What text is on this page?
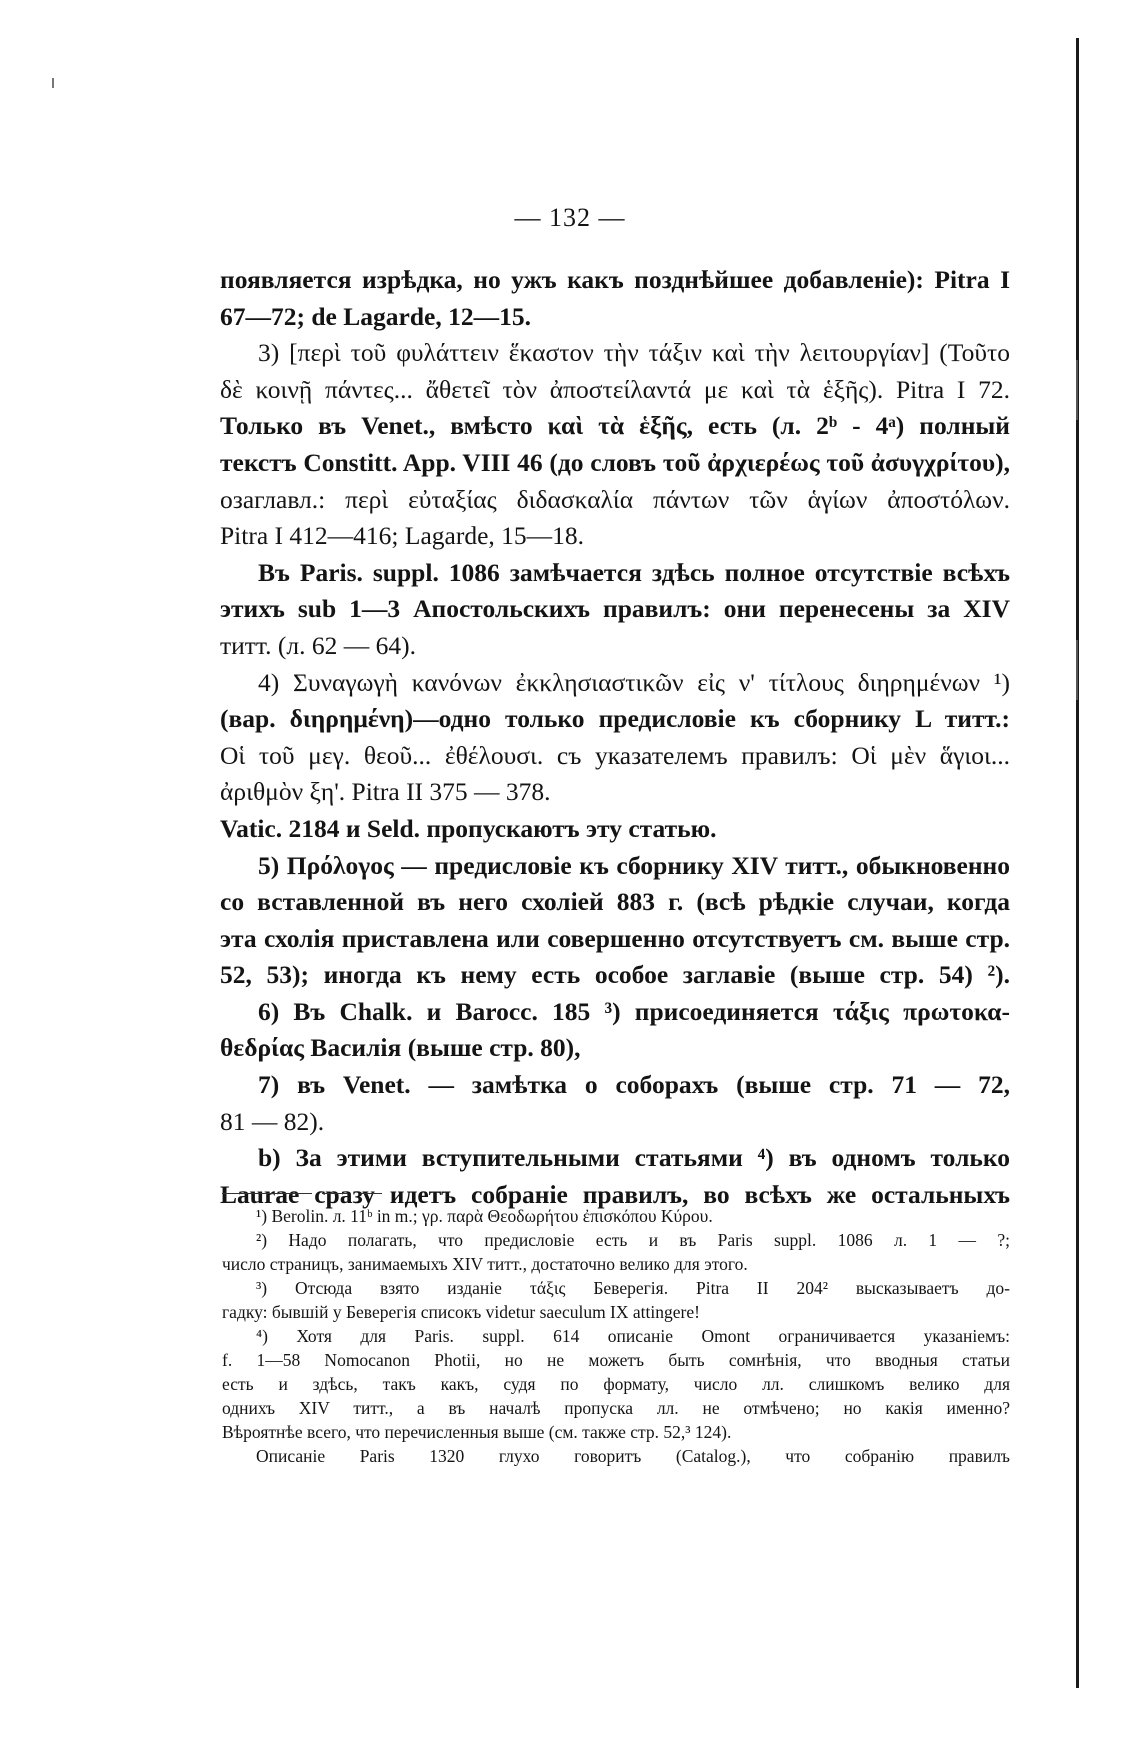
— 132 —
появляется изрѣдка, но ужъ какъ позднѣйшее добавленіе): Pitra I
67—72; de Lagarde, 12—15.
3) [περὶ τοῦ φυλάττειν ἕκαστον τὴν τάξιν καὶ τὴν λειτουργίαν] (Τοῦτο
δὲ κοινῇ πάντες... ἄθετεῖ τὸν ἀποστείλαντά με καὶ τὰ ἑξῆς). Pitra I 72.
Только въ Venet., вмѣсто καὶ τὰ ἑξῆς, есть (л. 2ᵇ - 4ᵃ) полный
текстъ Constitt. App. VIII 46 (до словъ τοῦ ἀρχιερέως τοῦ ἀσυγχρίτου),
озаглавл.: περὶ εὐταξίας διδασκαλία πάντων τῶν ἁγίων ἀποστόλων.
Pitra I 412—416; Lagarde, 15—18.
Въ Paris. suppl. 1086 замѣчается здѣсь полное отсутствіе всѣхъ
этихъ sub 1—3 Апостольскихъ правилъ: они перенесены за XIV
титт. (л. 62 — 64).
4) Συναγωγὴ κανόνων ἐκκλησιαστικῶν εἰς ν' τίτλους διηρημένων ¹)
(вар. διηρημένη)—одно только предисловіе къ сборнику L титт.:
Οἱ τοῦ μεγ. θεοῦ... ἐθέλουσι. съ указателемъ правилъ: Οἱ μὲν ἅγιοι...
ἀριθμὸν ξη'. Pitra II 375 — 378.
Vatic. 2184 и Seld. пропускаютъ эту статью.
5) Πρόλογος — предисловіе къ сборнику XIV титт., обыкновенно
со вставленной въ него схоліей 883 г. (всѣ рѣдкіе случаи, когда
эта схолія приставлена или совершенно отсутствуетъ см. выше стр.
52, 53); иногда къ нему есть особое заглавіе (выше стр. 54) ²).
6) Въ Chalk. и Barocc. 185 ³) присоединяется τάξις πρωτοκα-
θεδρίας Василія (выше стр. 80),
7) въ Venet. — замѣтка о соборахъ (выше стр. 71 — 72,
81 — 82).
b) За этими вступительными статьями ⁴) въ одномъ только
Laurae сразу идетъ собраніе правилъ, во всѣхъ же остальныхъ
¹) Berolin. л. 11ᵇ in m.; γρ. παρὰ Θεοδωρήτου ἐπισκόπου Κύρου.
²) Надо полагать, что предисловіе есть и въ Paris suppl. 1086 л. 1 — ?;
число страницъ, занимаемыхъ XIV титт., достаточно велико для этого.
³) Отсюда взято изданіе τάξις Беверегія. Pitra II 204² высказываетъ до-
гадку: бывшій у Беверегія списокъ videtur saeculum IX attingere!
⁴) Хотя для Paris. suppl. 614 описаніе Omont ограничивается указаніемъ:
f. 1—58 Nomocanon Photii, но не можетъ быть сомнѣнія, что вводныя статьи
есть и здѣсь, такъ какъ, судя по формату, число лл. слишкомъ велико для
однихъ XIV титт., а въ началѣ пропуска лл. не отмѣчено; но какія именно?
Вѣроятнѣе всего, что перечисленныя выше (см. также стр. 52,³ 124).
Описаніе Paris 1320 глухо говоритъ (Catalog.), что собранію правилъ
